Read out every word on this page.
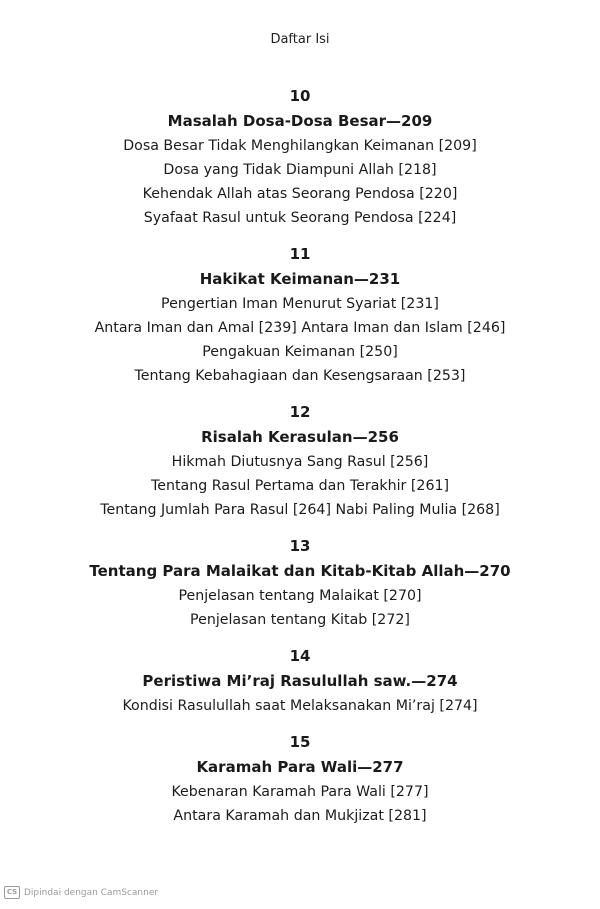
Daftar Isi
10
Masalah Dosa-Dosa Besar—209
Dosa Besar Tidak Menghilangkan Keimanan [209]
Dosa yang Tidak Diampuni Allah [218]
Kehendak Allah atas Seorang Pendosa [220]
Syafaat Rasul untuk Seorang Pendosa [224]
11
Hakikat Keimanan—231
Pengertian Iman Menurut Syariat [231]
Antara Iman dan Amal [239] Antara Iman dan Islam [246]
Pengakuan Keimanan [250]
Tentang Kebahagiaan dan Kesengsaraan [253]
12
Risalah Kerasulan—256
Hikmah Diutusnya Sang Rasul [256]
Tentang Rasul Pertama dan Terakhir [261]
Tentang Jumlah Para Rasul [264] Nabi Paling Mulia [268]
13
Tentang Para Malaikat dan Kitab-Kitab Allah—270
Penjelasan tentang Malaikat [270]
Penjelasan tentang Kitab [272]
14
Peristiwa Mi’raj Rasulullah saw.—274
Kondisi Rasulullah saat Melaksanakan Mi’raj [274]
15
Karamah Para Wali—277
Kebenaran Karamah Para Wali [277]
Antara Karamah dan Mukjizat [281]
CS Dipindai dengan CamScanner
